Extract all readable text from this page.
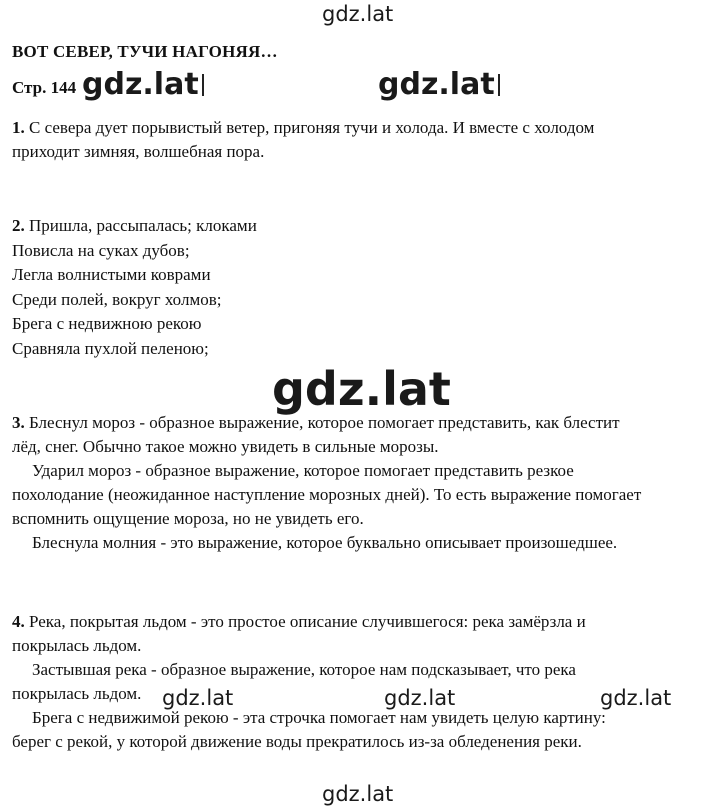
gdz.lat
gdz.lat	gdz.lat
gdz.lat
gdz.lat	gdz.lat	gdz.lat
gdz.lat
ВОТ СЕВЕР, ТУЧИ НАГОНЯЯ…
Стр. 144

1. С севера дует порывистый ветер, пригоняя тучи и холода. И вместе с холодом

приходит зимняя, волшебная пора.

2. Пришла, рассыпалась; клоками

Повисла на суках дубов;

Легла волнистыми коврами

Среди полей, вокруг холмов;

Брега с недвижною рекою

Сравняла пухлой пеленою;

3. Блеснул мороз - образное выражение, которое помогает представить, как блестит

лёд, снег. Обычно такое можно увидеть в сильные морозы.

Ударил мороз - образное выражение, которое помогает представить резкое

похолодание (неожиданное наступление морозных дней). То есть выражение помогает

вспомнить ощущение мороза, но не увидеть его.

Блеснула молния - это выражение, которое буквально описывает произошедшее.

4. Река, покрытая льдом - это простое описание случившегося: река замёрзла и

покрылась льдом.

Застывшая река - образное выражение, которое нам подсказывает, что река

покрылась льдом.

Брега с недвижимой рекою - эта строчка помогает нам увидеть целую картину:

берег с рекой, у которой движение воды прекратилось из-за обледенения реки.
